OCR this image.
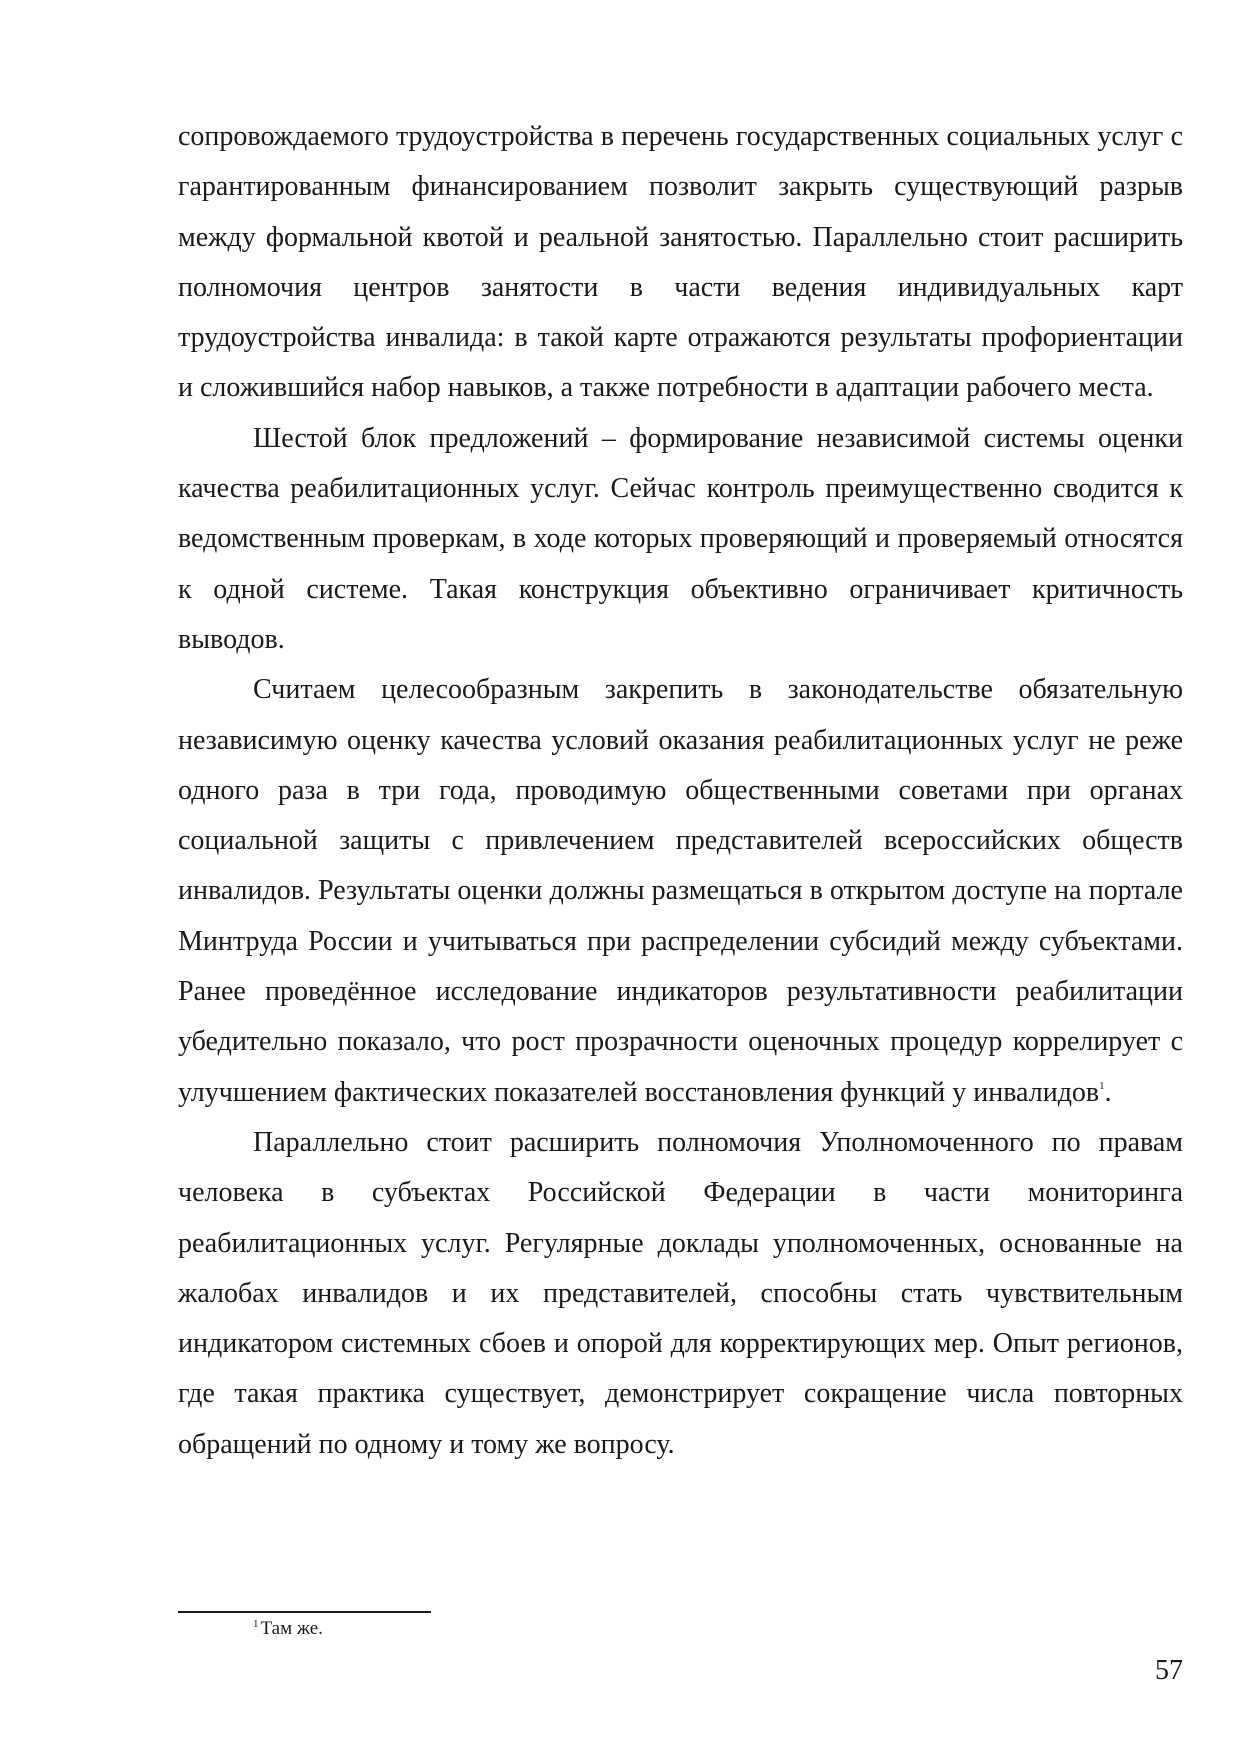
сопровождаемого трудоустройства в перечень государственных социальных услуг с гарантированным финансированием позволит закрыть существующий разрыв между формальной квотой и реальной занятостью. Параллельно стоит расширить полномочия центров занятости в части ведения индивидуальных карт трудоустройства инвалида: в такой карте отражаются результаты профориентации и сложившийся набор навыков, а также потребности в адаптации рабочего места.

Шестой блок предложений – формирование независимой системы оценки качества реабилитационных услуг. Сейчас контроль преимущественно сводится к ведомственным проверкам, в ходе которых проверяющий и проверяемый относятся к одной системе. Такая конструкция объективно ограничивает критичность выводов.

Считаем целесообразным закрепить в законодательстве обязательную независимую оценку качества условий оказания реабилитационных услуг не реже одного раза в три года, проводимую общественными советами при органах социальной защиты с привлечением представителей всероссийских обществ инвалидов. Результаты оценки должны размещаться в открытом доступе на портале Минтруда России и учитываться при распределении субсидий между субъектами. Ранее проведённое исследование индикаторов результативности реабилитации убедительно показало, что рост прозрачности оценочных процедур коррелирует с улучшением фактических показателей восстановления функций у инвалидов$^1$.

Параллельно стоит расширить полномочия Уполномоченного по правам человека в субъектах Российской Федерации в части мониторинга реабилитационных услуг. Регулярные доклады уполномоченных, основанные на жалобах инвалидов и их представителей, способны стать чувствительным индикатором системных сбоев и опорой для корректирующих мер. Опыт регионов, где такая практика существует, демонстрирует сокращение числа повторных обращений по одному и тому же вопросу.

$^1$ Там же.
57
